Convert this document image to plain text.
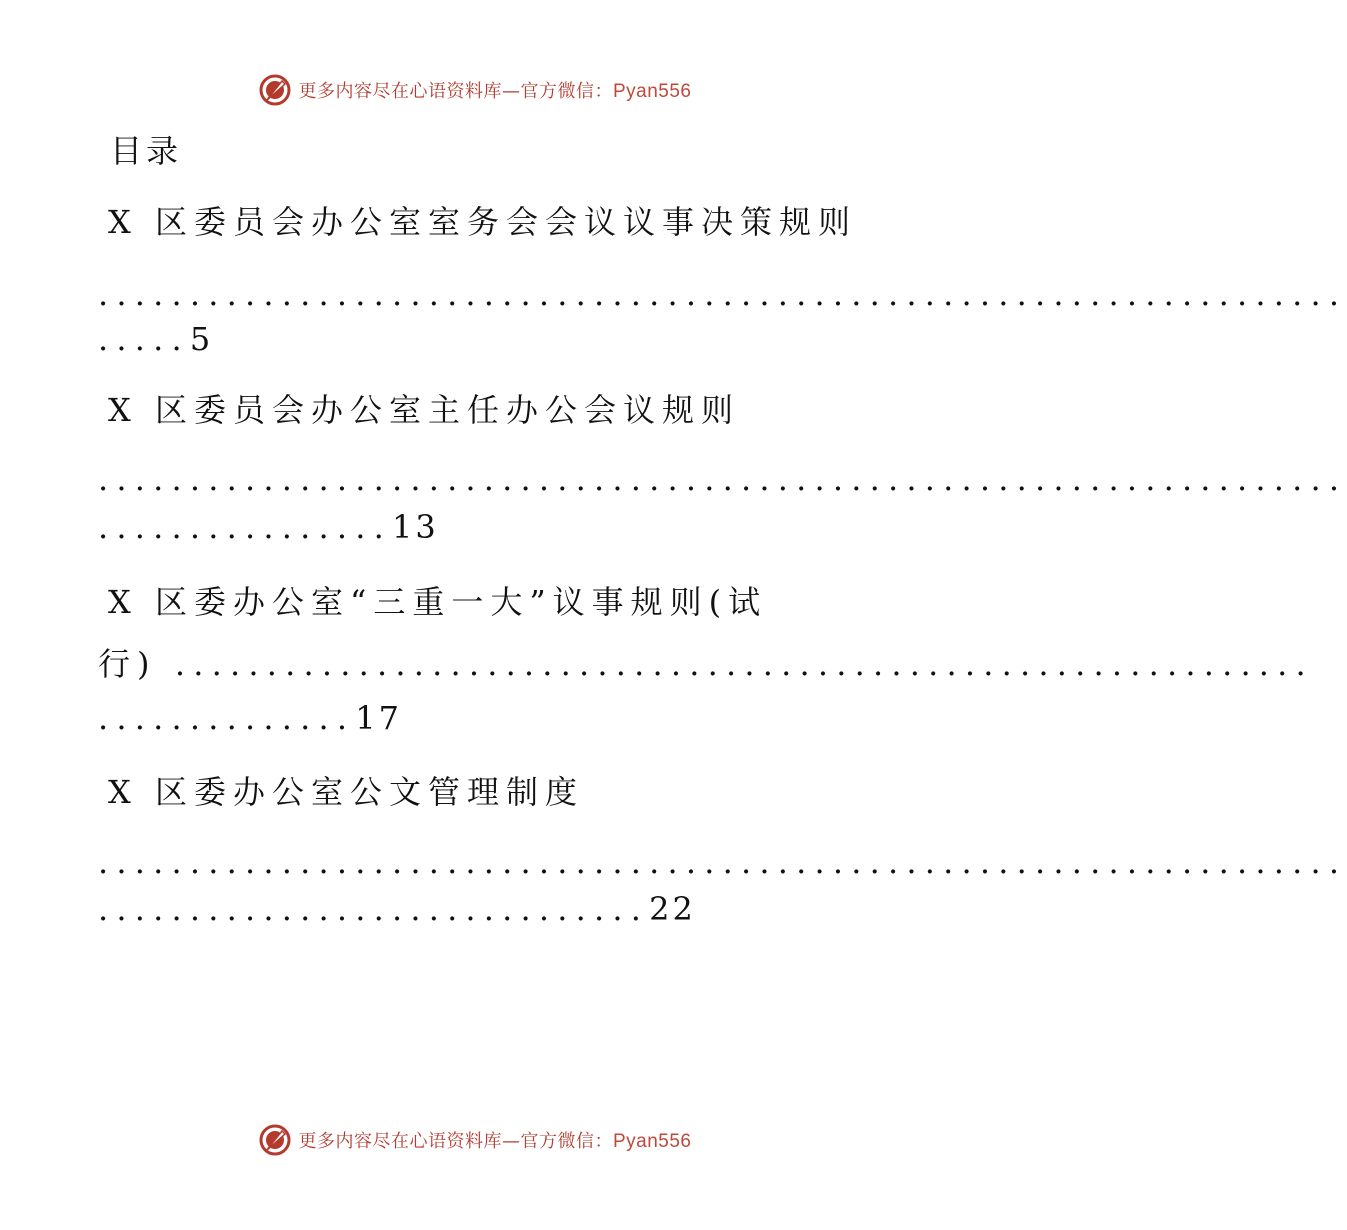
更多内容尽在心语资料库—官方微信：Pyan556
目录
X 区委员会办公室室务会会议议事决策规则
....................................................................
.....5
X 区委员会办公室主任办公会议规则
....................................................................
................13
X 区委办公室“三重一大”议事规则(试
行) ..............................................................
..............17
X 区委办公室公文管理制度
....................................................................
..............................22
更多内容尽在心语资料库—官方微信：Pyan556
